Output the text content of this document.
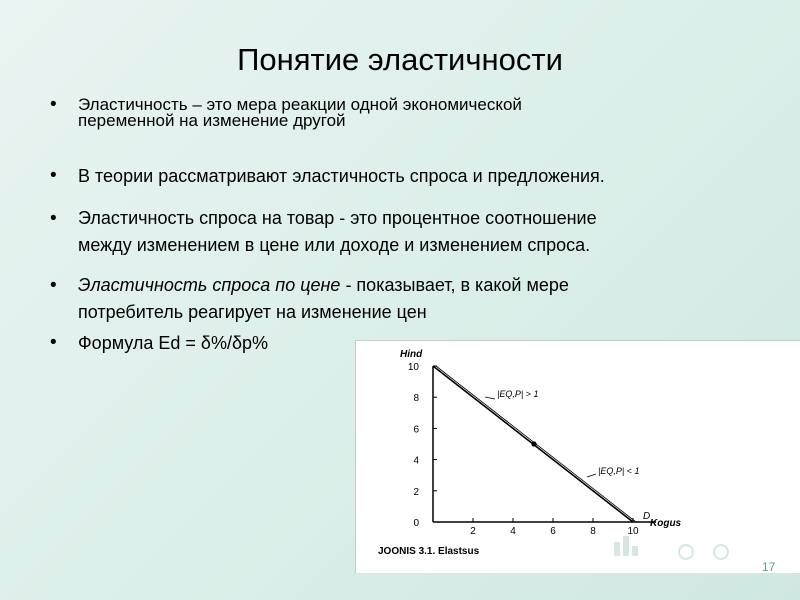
Понятие эластичности
•	Эластичность – это мера реакции одной экономической
переменной на изменение другой
•	В теории рассматривают эластичность спроса и предложения.
•	Эластичность спроса на товар - это процентное соотношение
между изменением в цене или доходе и изменением спроса.
•	Эластичность спроса по цене - показывает, в какой мере
потребитель реагирует на изменение цен
•	Формула Ed = δ%/δp%
Hind
Kogus
2	4	6	8	10
0
2
4
6
8
10
|EQ,P| > 1
|EQ,P| < 1
D
JOONIS 3.1. Elastsus
17
